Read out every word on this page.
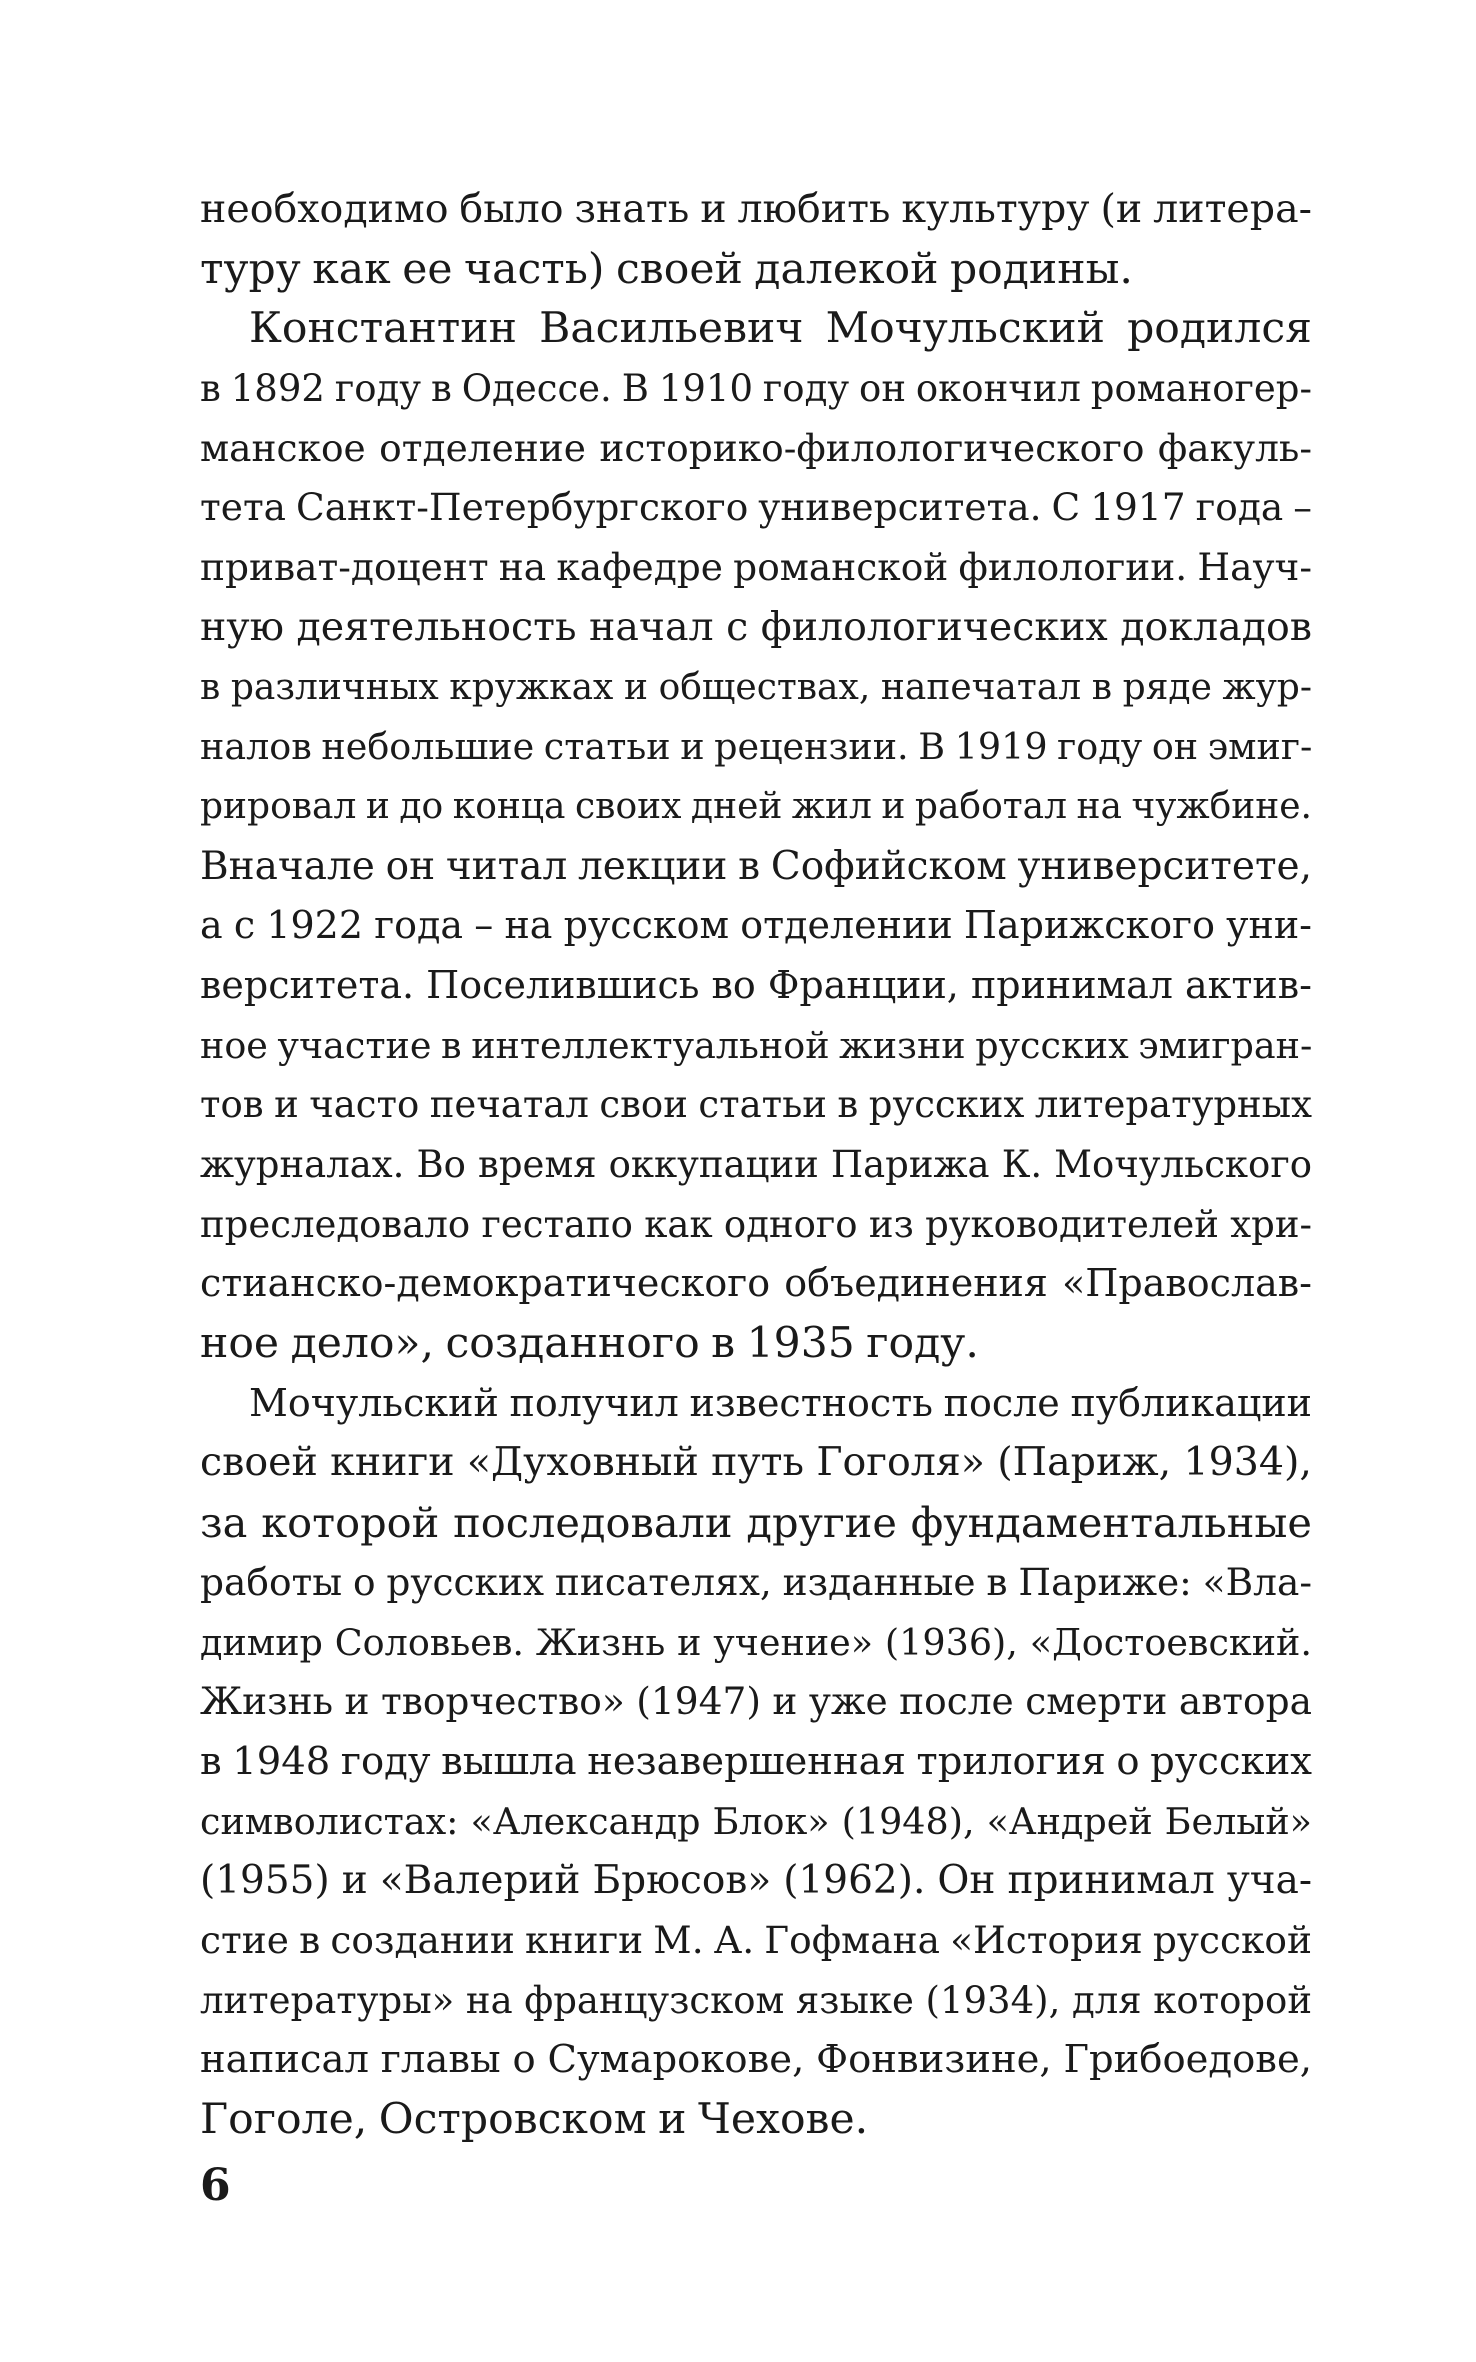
необходимо было знать и любить культуру (и литера-
туру как ее часть) своей далекой родины.
Константин Васильевич Мочульский родился
в 1892 году в Одессе. В 1910 году он окончил романогер-
манское отделение историко-филологического факуль-
тета Санкт-Петербургского университета. С 1917 года –
приват-доцент на кафедре романской филологии. Науч-
ную деятельность начал с филологических докладов
в различных кружках и обществах, напечатал в ряде жур-
налов небольшие статьи и рецензии. В 1919 году он эмиг-
рировал и до конца своих дней жил и работал на чужбине.
Вначале он читал лекции в Софийском университете,
а с 1922 года – на русском отделении Парижского уни-
верситета. Поселившись во Франции, принимал актив-
ное участие в интеллектуальной жизни русских эмигран-
тов и часто печатал свои статьи в русских литературных
журналах. Во время оккупации Парижа К. Мочульского
преследовало гестапо как одного из руководителей хри-
стианско-демократического объединения «Православ-
ное дело», созданного в 1935 году.
Мочульский получил известность после публикации
своей книги «Духовный путь Гоголя» (Париж, 1934),
за которой последовали другие фундаментальные
работы о русских писателях, изданные в Париже: «Вла-
димир Соловьев. Жизнь и учение» (1936), «Достоевский.
Жизнь и творчество» (1947) и уже после смерти автора
в 1948 году вышла незавершенная трилогия о русских
символистах: «Александр Блок» (1948), «Андрей Белый»
(1955) и «Валерий Брюсов» (1962). Он принимал уча-
стие в создании книги М. А. Гофмана «История русской
литературы» на французском языке (1934), для которой
написал главы о Сумарокове, Фонвизине, Грибоедове,
Гоголе, Островском и Чехове.
6
